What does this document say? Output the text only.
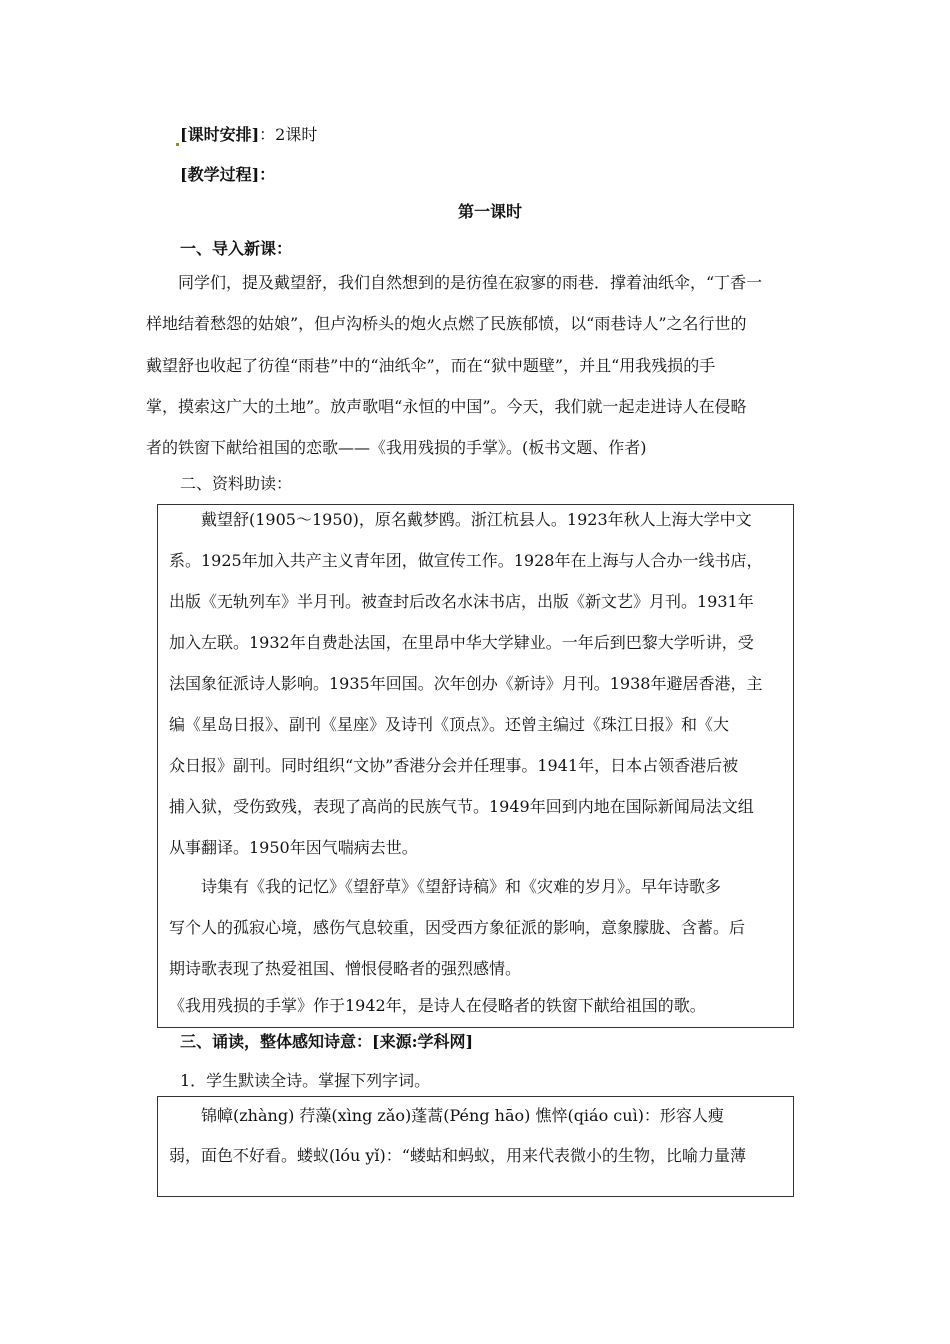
[课时安排]：2课时
[教学过程]：
第一课时
一、导入新课：
同学们，提及戴望舒，我们自然想到的是彷徨在寂寥的雨巷．撑着油纸伞，“丁香一
样地结着愁怨的姑娘”，但卢沟桥头的炮火点燃了民族郁愤，以“雨巷诗人”之名行世的
戴望舒也收起了彷徨“雨巷”中的“油纸伞”，而在“狱中题壁”，并且“用我残损的手
掌，摸索这广大的土地”。放声歌唱“永恒的中国”。今天，我们就一起走进诗人在侵略
者的铁窗下献给祖国的恋歌——《我用残损的手掌》。(板书文题、作者)
二、资料助读：
戴望舒(1905～1950)，原名戴梦鸥。浙江杭县人。1923年秋人上海大学中文
系。1925年加入共产主义青年团，做宣传工作。1928年在上海与人合办一线书店，
出版《无轨列车》半月刊。被查封后改名水沫书店，出版《新文艺》月刊。1931年
加入左联。1932年自费赴法国，在里昂中华大学肄业。一年后到巴黎大学听讲，受
法国象征派诗人影响。1935年回国。次年创办《新诗》月刊。1938年避居香港，主
编《星岛日报》、副刊《星座》及诗刊《顶点》。还曾主编过《珠江日报》和《大
众日报》副刊。同时组织“文协”香港分会并任理事。1941年，日本占领香港后被
捕入狱，受伤致残，表现了高尚的民族气节。1949年回到内地在国际新闻局法文组
从事翻译。1950年因气喘病去世。
诗集有《我的记忆》《望舒草》《望舒诗稿》和《灾难的岁月》。早年诗歌多
写个人的孤寂心境，感伤气息较重，因受西方象征派的影响，意象朦胧、含蓄。后
期诗歌表现了热爱祖国、憎恨侵略者的强烈感情。
《我用残损的手掌》作于1942年，是诗人在侵略者的铁窗下献给祖国的歌。
三、诵读，整体感知诗意：[来源:学科网]
1．学生默读全诗。掌握下列字词。
锦幛(zhàng) 荇藻(xìng zǎo)蓬蒿(Péng hāo) 憔悴(qiáo cuì)：形容人瘦
弱，面色不好看。蝼蚁(lóu yǐ)：“蝼蛄和蚂蚁，用来代表微小的生物，比喻力量薄
